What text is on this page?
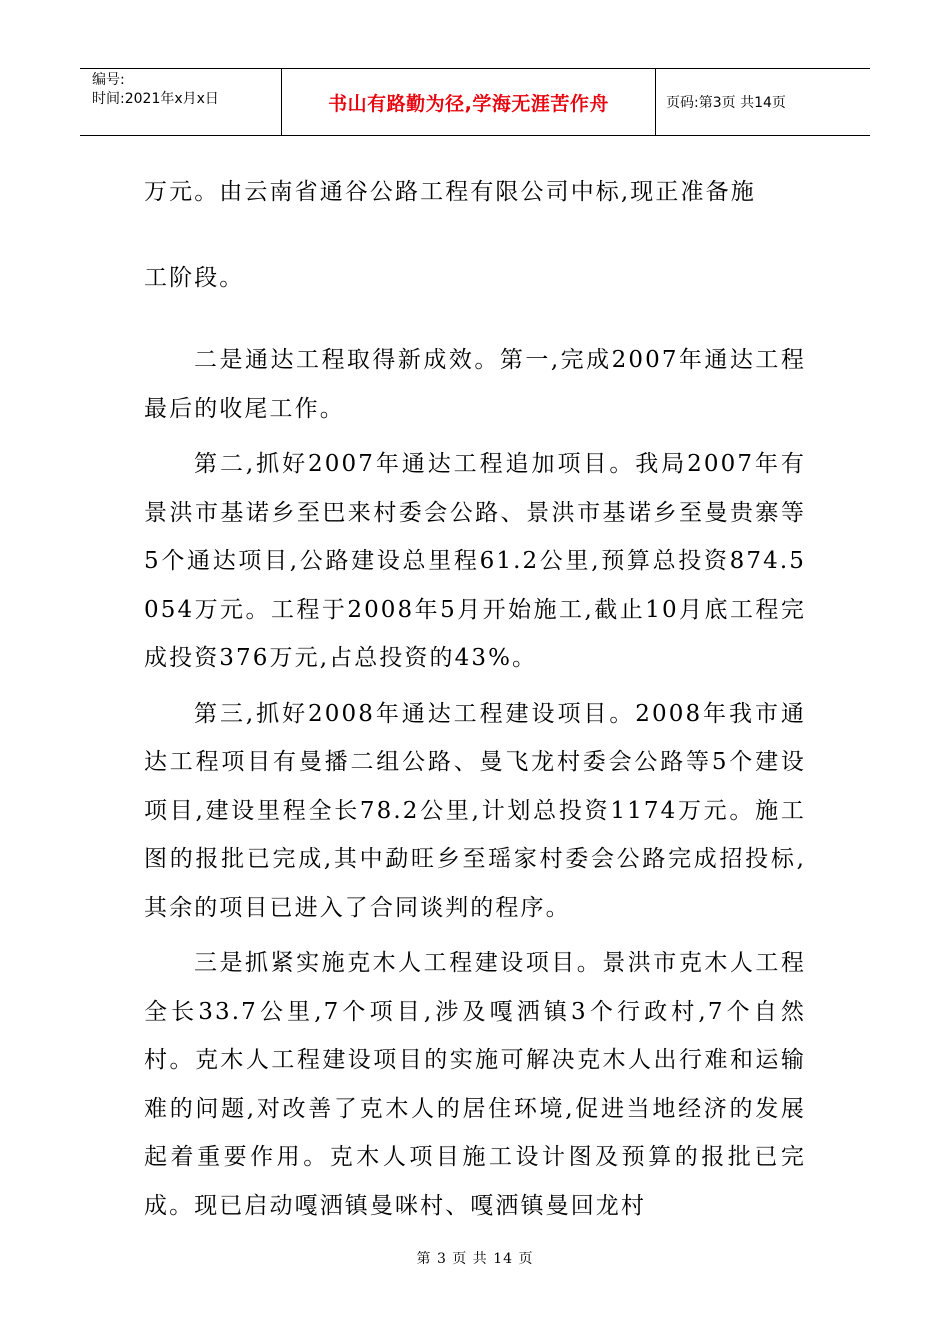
编号:
时间:2021年x月x日	书山有路勤为径,学海无涯苦作舟	页码:第3页 共14页

万元。由云南省通谷公路工程有限公司中标,现正准备施

工阶段。

二是通达工程取得新成效。第一,完成2007年通达工程最后的收尾工作。

第二,抓好2007年通达工程追加项目。我局2007年有景洪市基诺乡至巴来村委会公路、景洪市基诺乡至曼贵寨等5个通达项目,公路建设总里程61.2公里,预算总投资874.5054万元。工程于2008年5月开始施工,截止10月底工程完成投资376万元,占总投资的43%。

第三,抓好2008年通达工程建设项目。2008年我市通达工程项目有曼播二组公路、曼飞龙村委会公路等5个建设项目,建设里程全长78.2公里,计划总投资1174万元。施工图的报批已完成,其中勐旺乡至瑶家村委会公路完成招投标,其余的项目已进入了合同谈判的程序。

三是抓紧实施克木人工程建设项目。景洪市克木人工程全长33.7公里,7个项目,涉及嘎洒镇3个行政村,7个自然村。克木人工程建设项目的实施可解决克木人出行难和运输难的问题,对改善了克木人的居住环境,促进当地经济的发展起着重要作用。克木人项目施工设计图及预算的报批已完成。现已启动嘎洒镇曼咪村、嘎洒镇曼回龙村

第 3 页 共 14 页
